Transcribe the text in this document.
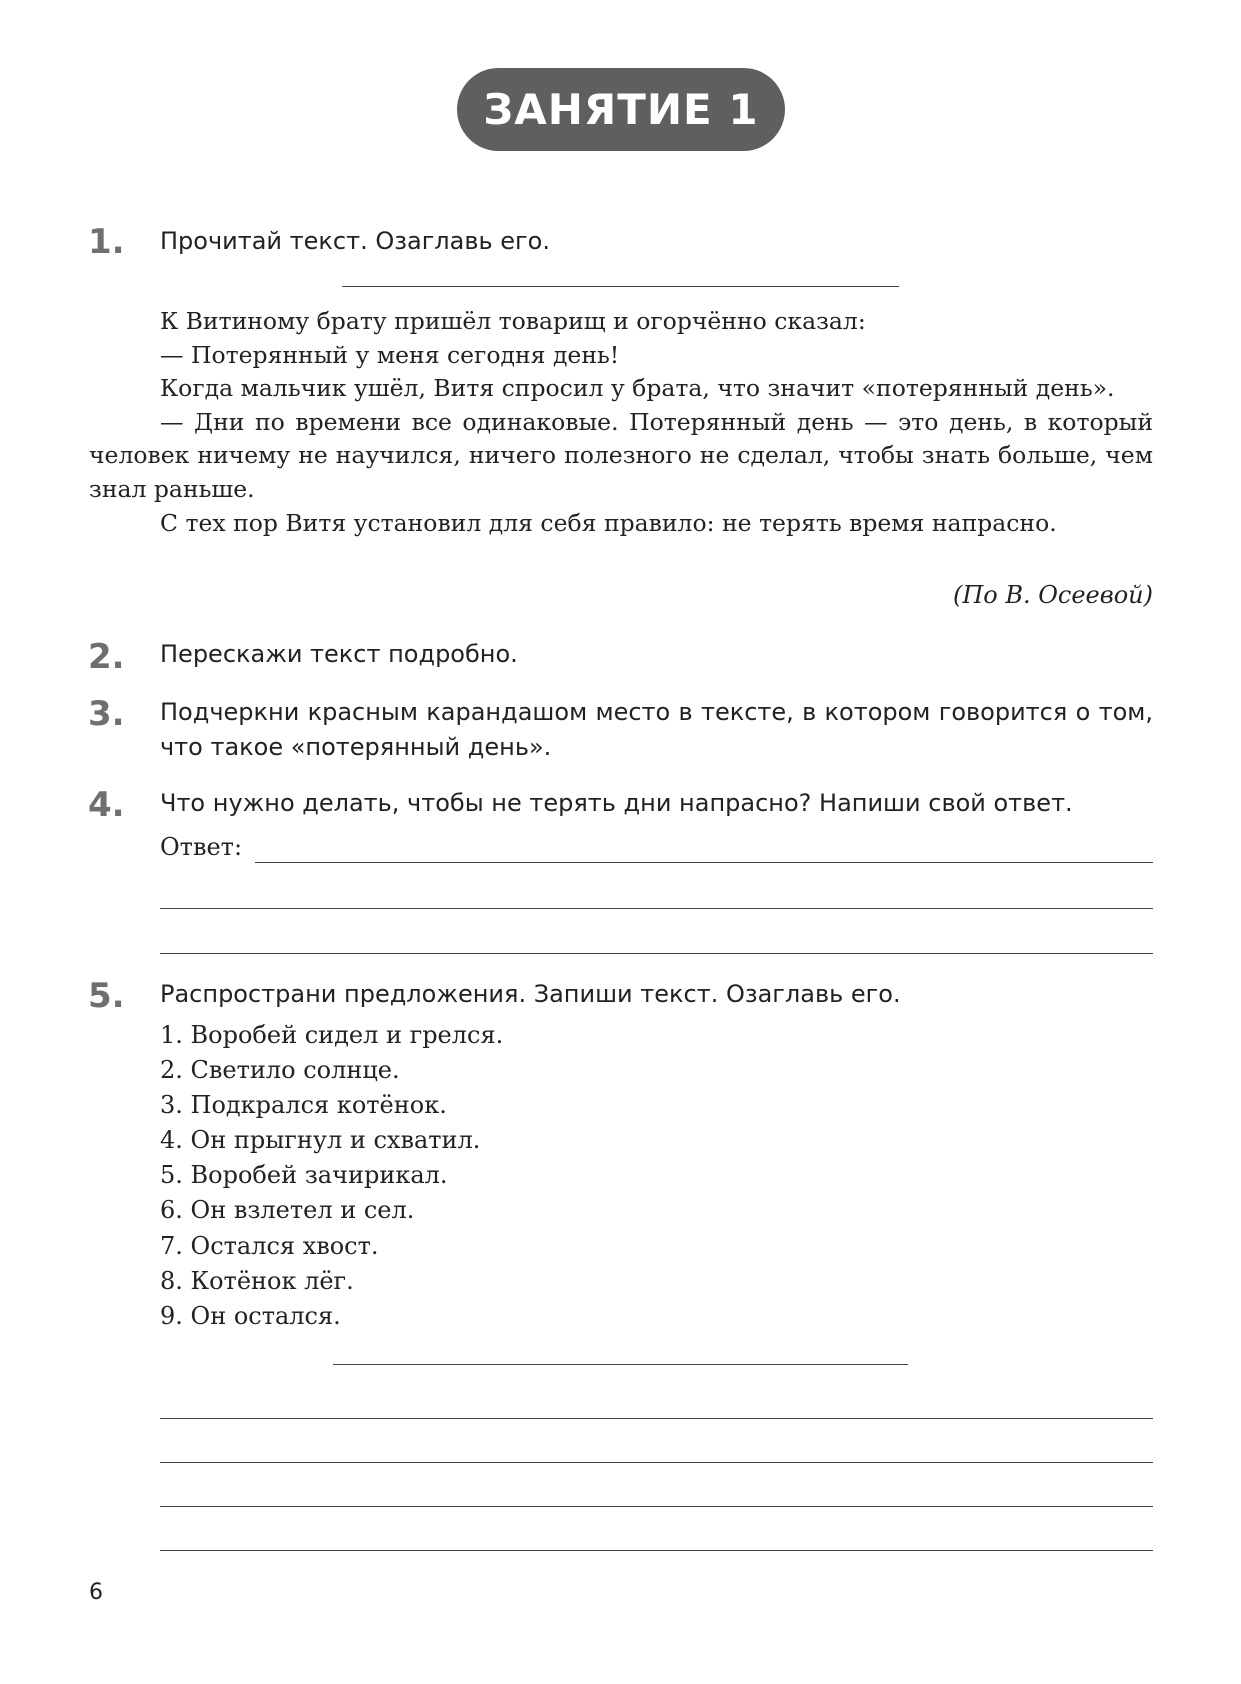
ЗАНЯТИЕ 1
1. Прочитай текст. Озаглавь его.

К Витиному брату пришёл товарищ и огорчённо сказал:

— Потерянный у меня сегодня день!

Когда мальчик ушёл, Витя спросил у брата, что значит «потерянный день».

— Дни по времени все одинаковые. Потерянный день — это день, в который человек ничему не научился, ничего полезного не сделал, чтобы знать больше, чем знал раньше.

С тех пор Витя установил для себя правило: не терять время напрасно.

(По В. Осеевой)
2. Перескажи текст подробно.
3. Подчеркни красным карандашом место в тексте, в котором говорится о том, что такое «потерянный день».
4. Что нужно делать, чтобы не терять дни напрасно? Напиши свой ответ.
Ответ:
5. Распространи предложения. Запиши текст. Озаглавь его.
1. Воробей сидел и грелся.
2. Светило солнце.
3. Подкрался котёнок.
4. Он прыгнул и схватил.
5. Воробей зачирикал.
6. Он взлетел и сел.
7. Остался хвост.
8. Котёнок лёг.
9. Он остался.
6
